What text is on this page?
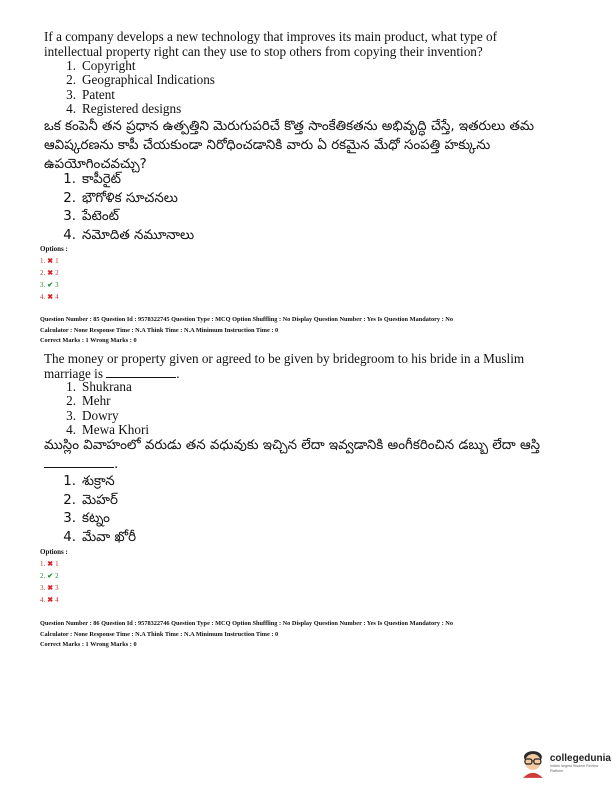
If a company develops a new technology that improves its main product, what type of intellectual property right can they use to stop others from copying their invention?
1. Copyright
2. Geographical Indications
3. Patent
4. Registered designs
ఒక కంపెనీ తన ప్రధాన ఉత్పత్తిని మెరుగుపరిచే కొత్త సాంకేతికతను అభివృద్ధి చేస్తే, ఇతరులు తమ ఆవిష్కరణను కాపీ చేయకుండా నిరోధించడానికి వారు ఏ రకమైన మేధో సంపత్తి హక్కును ఉపయోగించవచ్చు?
1. కాపీరైట్
2. భౌగోళిక సూచనలు
3. పేటెంట్
4. నమోదిత నమూనాలు
Options :
1. ✖ 1
2. ✖ 2
3. ✔ 3
4. ✖ 4
Question Number : 85 Question Id : 9578322745 Question Type : MCQ Option Shuffling : No Display Question Number : Yes Is Question Mandatory : No
Calculator : None Response Time : N.A Think Time : N.A Minimum Instruction Time : 0
Correct Marks : 1 Wrong Marks : 0
The money or property given or agreed to be given by bridegroom to his bride in a Muslim marriage is	.
1. Shukrana
2. Mehr
3. Dowry
4. Mewa Khori
ముస్లిం వివాహంలో వరుడు తన వధువుకు ఇచ్చిన లేదా ఇవ్వడానికి అంగీకరించిన డబ్బు లేదా ఆస్తి .
1. శుక్రాన
2. మెహర్
3. కట్నం
4. మేవా ఖోరీ
Options :
1. ✖ 1
2. ✔ 2
3. ✖ 3
4. ✖ 4
Question Number : 86 Question Id : 9578322746 Question Type : MCQ Option Shuffling : No Display Question Number : Yes Is Question Mandatory : No
Calculator : None Response Time : N.A Think Time : N.A Minimum Instruction Time : 0
Correct Marks : 1 Wrong Marks : 0
collegedunia
India's largest Student Review Platform
